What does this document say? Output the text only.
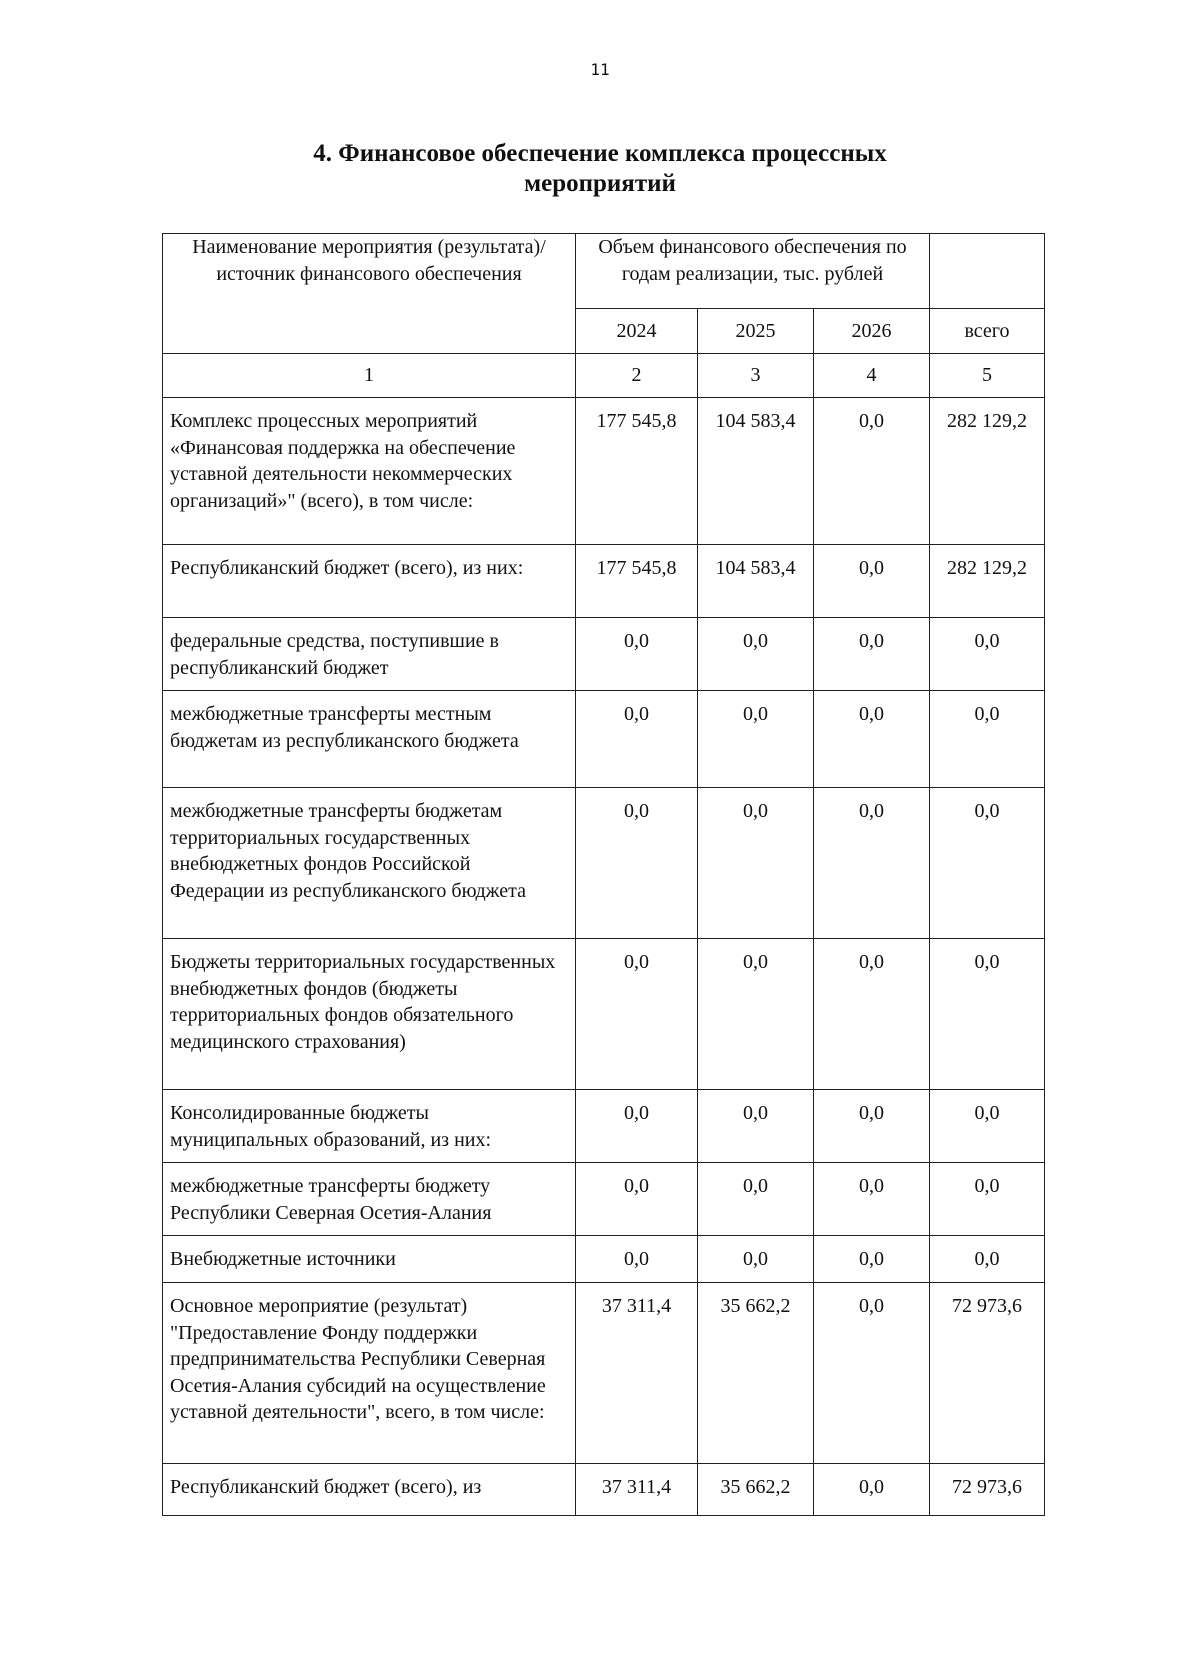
11
4. Финансовое обеспечение комплекса процессных
мероприятий
Наименование мероприятия (результата)/источник финансового обеспечения	Объем финансового обеспечения по годам реализации, тыс. рублей			
	2024	2025	2026	всего
1	2	3	4	5
Комплекс процессных мероприятий «Финансовая поддержка на обеспечение уставной деятельности некоммерческих организаций»" (всего), в том числе:	177 545,8	104 583,4	0,0	282 129,2
Республиканский бюджет (всего), из них:	177 545,8	104 583,4	0,0	282 129,2
федеральные средства, поступившие в республиканский бюджет	0,0	0,0	0,0	0,0
межбюджетные трансферты местным бюджетам из республиканского бюджета	0,0	0,0	0,0	0,0
межбюджетные трансферты бюджетам территориальных государственных внебюджетных фондов Российской Федерации из республиканского бюджета	0,0	0,0	0,0	0,0
Бюджеты территориальных государственных внебюджетных фондов (бюджеты территориальных фондов обязательного медицинского страхования)	0,0	0,0	0,0	0,0
Консолидированные бюджеты муниципальных образований, из них:	0,0	0,0	0,0	0,0
межбюджетные трансферты бюджету Республики Северная Осетия-Алания	0,0	0,0	0,0	0,0
Внебюджетные источники	0,0	0,0	0,0	0,0
Основное мероприятие (результат) "Предоставление Фонду поддержки предпринимательства Республики Северная Осетия-Алания субсидий на осуществление уставной деятельности", всего, в том числе:	37 311,4	35 662,2	0,0	72 973,6
Республиканский бюджет (всего), из	37 311,4	35 662,2	0,0	72 973,6
